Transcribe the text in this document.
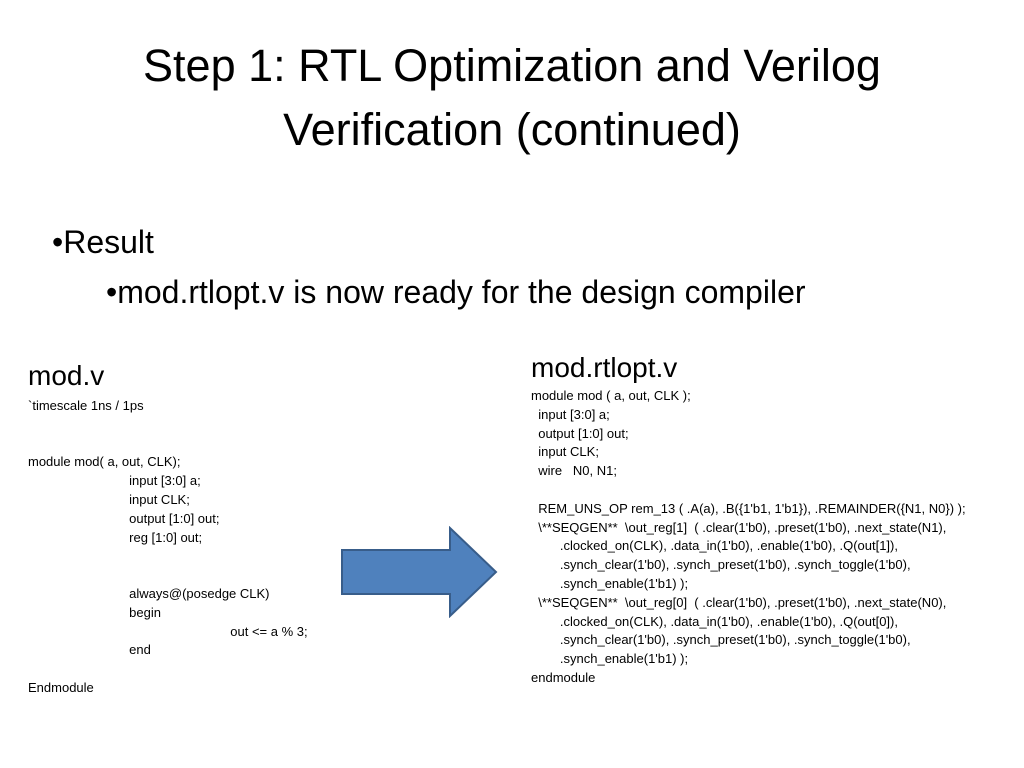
Step 1: RTL Optimization and Verilog
Verification (continued)
•Result
•mod.rtlopt.v is now ready for the design compiler
mod.v
`timescale 1ns / 1ps
module mod( a, out, CLK);
input [3:0] a;
input CLK;
output [1:0] out;
reg [1:0] out;
always@(posedge CLK)
begin
out <= a % 3;
end
Endmodule
mod.rtlopt.v
module mod ( a, out, CLK );
input [3:0] a;
output [1:0] out;
input CLK;
wire   N0, N1;
REM_UNS_OP rem_13 ( .A(a), .B({1'b1, 1'b1}), .REMAINDER({N1, N0}) );
\**SEQGEN**  \out_reg[1]  ( .clear(1'b0), .preset(1'b0), .next_state(N1),
.clocked_on(CLK), .data_in(1'b0), .enable(1'b0), .Q(out[1]),
.synch_clear(1'b0), .synch_preset(1'b0), .synch_toggle(1'b0),
.synch_enable(1'b1) );
\**SEQGEN**  \out_reg[0]  ( .clear(1'b0), .preset(1'b0), .next_state(N0),
.clocked_on(CLK), .data_in(1'b0), .enable(1'b0), .Q(out[0]),
.synch_clear(1'b0), .synch_preset(1'b0), .synch_toggle(1'b0),
.synch_enable(1'b1) );
endmodule
